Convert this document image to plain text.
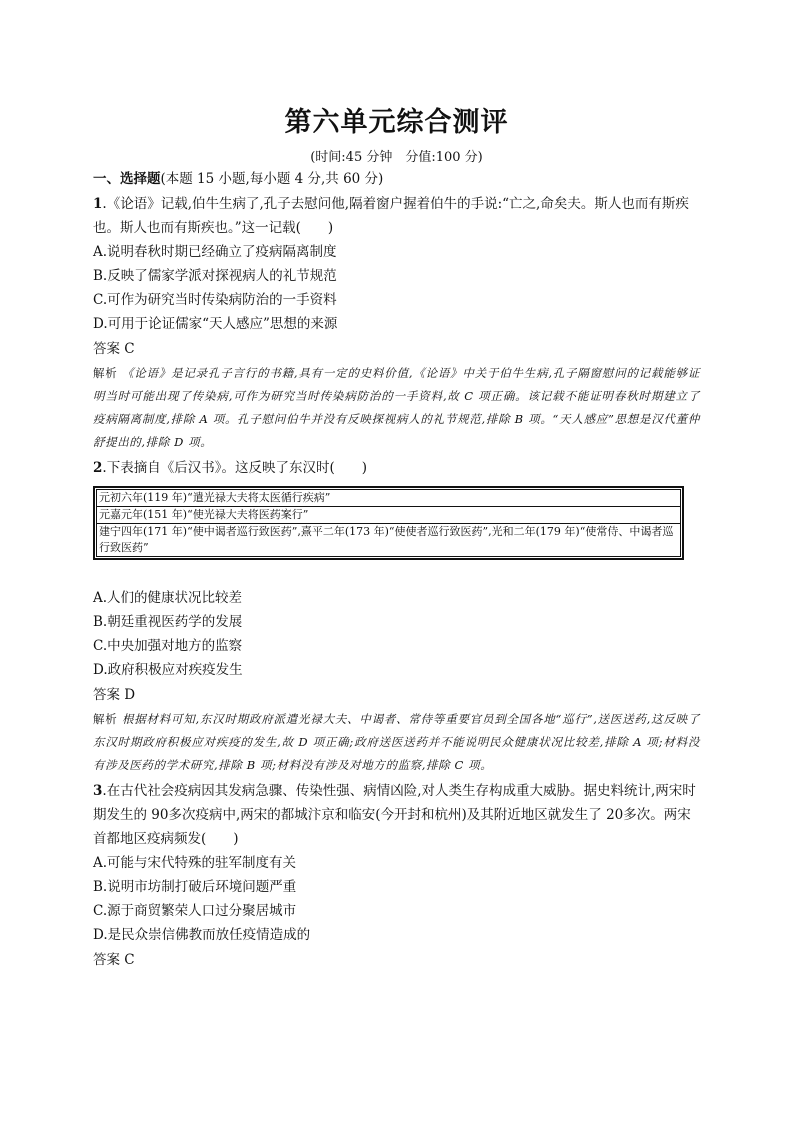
第六单元综合测评
(时间:45 分钟　分值:100 分)
一、选择题(本题 15 小题,每小题 4 分,共 60 分)
1.《论语》记载,伯牛生病了,孔子去慰问他,隔着窗户握着伯牛的手说:“亡之,命矣夫。斯人也而有斯疾也。斯人也而有斯疾也。”这一记载(　　)
A.说明春秋时期已经确立了疫病隔离制度
B.反映了儒家学派对探视病人的礼节规范
C.可作为研究当时传染病防治的一手资料
D.可用于论证儒家“天人感应”思想的来源
答案 C
解析 《论语》是记录孔子言行的书籍,具有一定的史料价值,《论语》中关于伯牛生病,孔子隔窗慰问的记载能够证明当时可能出现了传染病,可作为研究当时传染病防治的一手资料,故 C 项正确。该记载不能证明春秋时期建立了疫病隔离制度,排除 A 项。孔子慰问伯牛并没有反映探视病人的礼节规范,排除 B 项。“天人感应”思想是汉代董仲舒提出的,排除 D 项。
2.下表摘自《后汉书》。这反映了东汉时(　　)
元初六年(119 年)“遣光禄大夫将太医循行疾病”
元嘉元年(151 年)“使光禄大夫将医药案行”
建宁四年(171 年)“使中谒者巡行致医药”,熹平二年(173 年)“使使者巡行致医药”,光和二年(179 年)“使常侍、中谒者巡行致医药”
A.人们的健康状况比较差
B.朝廷重视医药学的发展
C.中央加强对地方的监察
D.政府积极应对疾疫发生
答案 D
解析 根据材料可知,东汉时期政府派遣光禄大夫、中谒者、常侍等重要官员到全国各地“巡行”,送医送药,这反映了东汉时期政府积极应对疾疫的发生,故 D 项正确;政府送医送药并不能说明民众健康状况比较差,排除 A 项;材料没有涉及医药的学术研究,排除 B 项;材料没有涉及对地方的监察,排除 C 项。
3.在古代社会疫病因其发病急骤、传染性强、病情凶险,对人类生存构成重大威胁。据史料统计,两宋时期发生的 90多次疫病中,两宋的都城汴京和临安(今开封和杭州)及其附近地区就发生了 20多次。两宋首都地区疫病频发(　　)
A.可能与宋代特殊的驻军制度有关
B.说明市坊制打破后环境问题严重
C.源于商贸繁荣人口过分聚居城市
D.是民众崇信佛教而放任疫情造成的
答案 C
